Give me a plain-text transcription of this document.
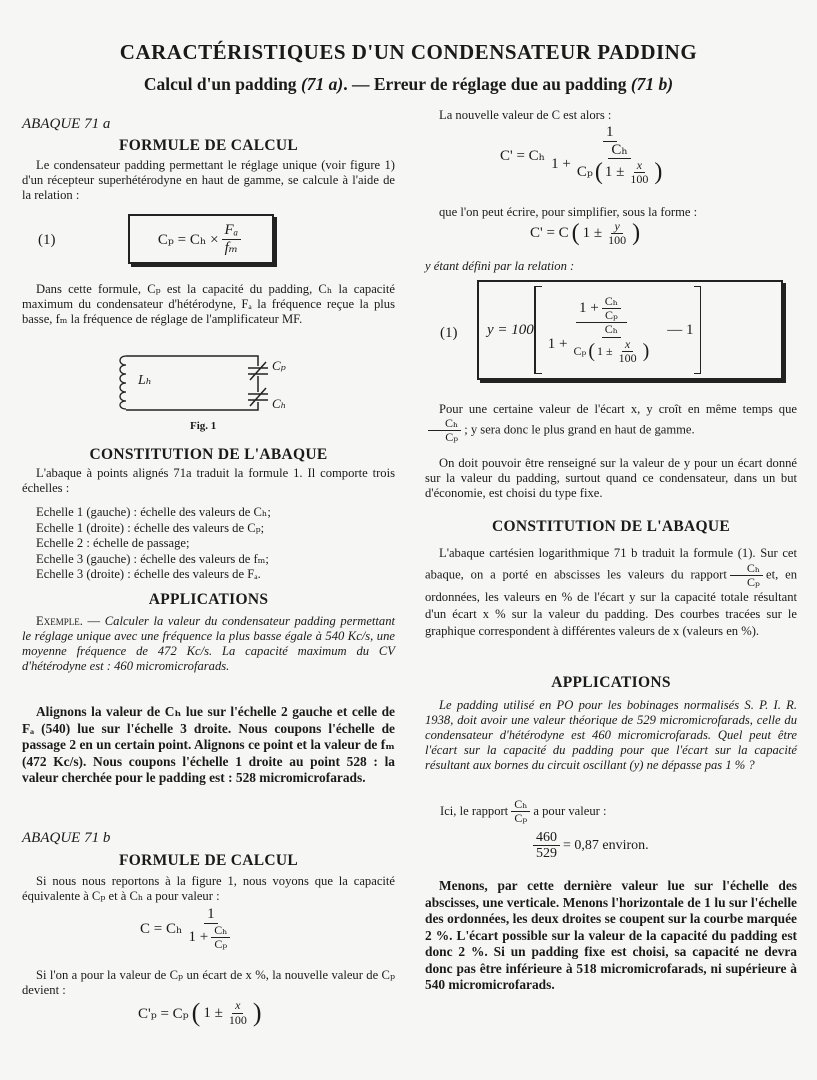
CARACTÉRISTIQUES D'UN CONDENSATEUR PADDING
Calcul d'un padding (71 a). — Erreur de réglage due au padding (71 b)
ABAQUE 71 a
FORMULE DE CALCUL

Le condensateur padding permettant le réglage unique (voir figure 1) d'un récepteur superhétérodyne en haut de gamme, se calcule à l'aide de la relation :

(1)	$C_p = C_h \times \frac{\text{Fₐ}}{\text{fₘ}}$

Dans cette formule, Cₚ est la capacité du padding, Cₕ la capacité maximum du condensateur d'hétérodyne, Fₐ la fréquence reçue la plus basse, fₘ la fréquence de réglage de l'amplificateur MF.

Lₕ
Cₚ
Cₕ
Fig. 1
CONSTITUTION DE L'ABAQUE

L'abaque à points alignés 71a traduit la formule 1. Il comporte trois échelles :

Echelle 1 (gauche) : échelle des valeurs de Cₕ;
Echelle 1 (droite) : échelle des valeurs de Cₚ;
Echelle 2 : échelle de passage;
Echelle 3 (gauche) : échelle des valeurs de fₘ;
Echelle 3 (droite) : échelle des valeurs de Fₐ.
APPLICATIONS

Exemple. — Calculer la valeur du condensateur padding permettant le réglage unique avec une fréquence la plus basse égale à 540 Kc/s, une moyenne fréquence de 472 Kc/s. La capacité maximum du CV d'hétérodyne est : 460 micromicrofarads.

Alignons la valeur de Cₕ lue sur l'échelle 2 gauche et celle de Fₐ (540) lue sur l'échelle 3 droite. Nous coupons l'échelle de passage 2 en un certain point. Alignons ce point et la valeur de fₘ (472 Kc/s). Nous coupons l'échelle 1 droite au point 528 : la valeur cherchée pour le padding est : 528 micromicrofarads.

ABAQUE 71 b
FORMULE DE CALCUL

Si nous nous reportons à la figure 1, nous voyons que la capacité équivalente à Cₚ et à Cₕ a pour valeur :

C = Cₕ $\frac{1}{1 + \frac{\text{Cₕ}}{\text{Cₚ}}}$

Si l'on a pour la valeur de Cₚ un écart de x %, la nouvelle valeur de Cₚ devient :

C'ₚ = Cₚ ( $1 \pm \frac{x}{100}$ )

La nouvelle valeur de C est alors :

C' = Cₕ $\frac{1}{1 + \frac{\text{Cₕ}}{C_p ( 1 \pm \frac{x}{100} )}}$

que l'on peut écrire, pour simplifier, sous la forme :

C' = C ( $1 \pm \frac{y}{100}$ )

y étant défini par la relation :

(1) $y = 100 \frac{1 + \frac{\text{Cₕ}}{\text{Cₚ}}}{1 + \frac{\text{Cₕ}}{C_p ( 1 \pm \frac{x}{100} )}}$ — 1

Pour une certaine valeur de l'écart x, y croît en même temps que
$\frac{\text{Cₕ}}{\text{Cₚ}}$ ; y sera donc le plus grand en haut de gamme.

On doit pouvoir être renseigné sur la valeur de y pour un écart donné sur la valeur du padding, surtout quand ce condensateur, dans un but d'économie, est choisi du type fixe.

CONSTITUTION DE L'ABAQUE

L'abaque cartésien logarithmique 71 b traduit la formule (1). Sur cet abaque, on a porté en abscisses les valeurs du rapport $\frac{\text{Cₕ}}{\text{Cₚ}}$ et, en ordonnées, les valeurs en % de l'écart y sur la capacité totale résultant d'un écart x % sur la valeur du padding. Des courbes tracées sur le graphique correspondent à différentes valeurs de x (valeurs en %).

APPLICATIONS

Le padding utilisé en PO pour les bobinages normalisés S. P. I. R. 1938, doit avoir une valeur théorique de 529 micromicrofarads, celle du condensateur d'hétérodyne est 460 micromicrofarads. Quel peut être l'écart sur la capacité du padding pour que l'écart sur la capacité résultant aux bornes du circuit oscillant (y) ne dépasse pas 1 % ?

Ici, le rapport $\frac{\text{Cₕ}}{\text{Cₚ}}$ a pour valeur :
$\frac{460}{529} = 0,87$ environ.

Menons, par cette dernière valeur lue sur l'échelle des abscisses, une verticale. Menons l'horizontale de 1 lu sur l'échelle des ordonnées, les deux droites se coupent sur la courbe marquée 2 %. L'écart possible sur la valeur de la capacité du padding est donc 2 %. Si un padding fixe est choisi, sa capacité ne devra donc pas être inférieure à 518 micromicrofarads, ni supérieure à 540 micromicrofarads.
